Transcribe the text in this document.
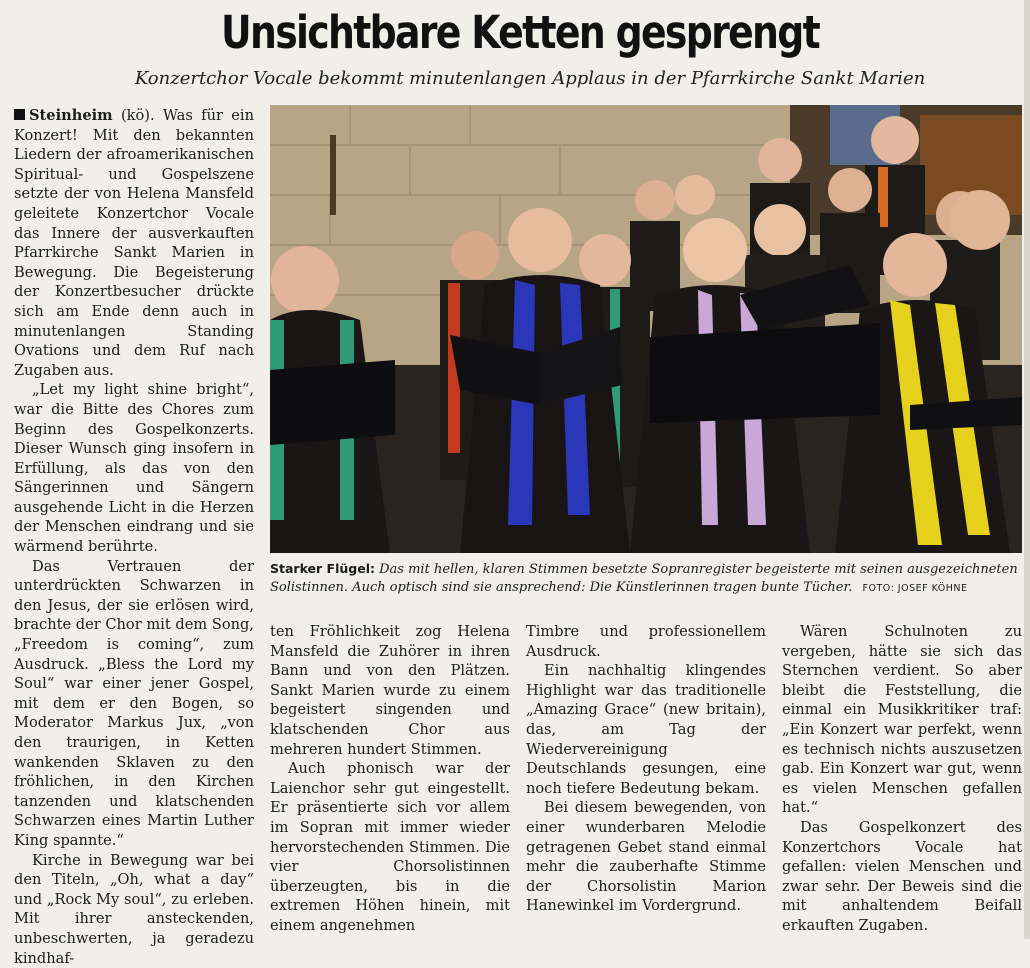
Unsichtbare Ketten gesprengt
Konzertchor Vocale bekommt minutenlangen Applaus in der Pfarrkirche Sankt Marien

Steinheim (kö). Was für ein Konzert! Mit den bekannten Liedern der afroamerikanischen Spiritual- und Gospelszene setzte der von Helena Mansfeld geleitete Konzertchor Vocale das Innere der ausverkauften Pfarrkirche Sankt Marien in Bewegung. Die Begeisterung der Konzertbesucher drückte sich am Ende denn auch in minutenlangen Standing Ovations und dem Ruf nach Zugaben aus.

„Let my light shine bright“, war die Bitte des Chores zum Beginn des Gospelkonzerts. Dieser Wunsch ging insofern in Erfüllung, als das von den Sängerinnen und Sängern ausgehende Licht in die Herzen der Menschen eindrang und sie wärmend berührte.

Das Vertrauen der unterdrückten Schwarzen in den Jesus, der sie erlösen wird, brachte der Chor mit dem Song, „Freedom is coming“, zum Ausdruck. „Bless the Lord my Soul“ war einer jener Gospel, mit dem er den Bogen, so Moderator Markus Jux, „von den traurigen, in Ketten wankenden Sklaven zu den fröhlichen, in den Kirchen tanzenden und klatschenden Schwarzen eines Martin Luther King spannte.“

Kirche in Bewegung war bei den Titeln, „Oh, what a day“ und „Rock My soul“, zu erleben. Mit ihrer ansteckenden, unbeschwerten, ja geradezu kindhaf-

Starker Flügel: Das mit hellen, klaren Stimmen besetzte Sopranregister begeisterte mit seinen ausgezeichneten Solistinnen. Auch optisch sind sie ansprechend: Die Künstlerinnen tragen bunte Tücher. FOTO: JOSEF KÖHNE

ten Fröhlichkeit zog Helena Mansfeld die Zuhörer in ihren Bann und von den Plätzen. Sankt Marien wurde zu einem begeistert singenden und klatschenden Chor aus mehreren hundert Stimmen.

Auch phonisch war der Laienchor sehr gut eingestellt. Er präsentierte sich vor allem im Sopran mit immer wieder hervorstechenden Stimmen. Die vier Chorsolistinnen überzeugten, bis in die extremen Höhen hinein, mit einem angenehmen

Timbre und professionellem Ausdruck.

Ein nachhaltig klingendes Highlight war das traditionelle „Amazing Grace“ (new britain), das, am Tag der Wiedervereinigung Deutschlands gesungen, eine noch tiefere Bedeutung bekam.

Bei diesem bewegenden, von einer wunderbaren Melodie getragenen Gebet stand einmal mehr die zauberhafte Stimme der Chorsolistin Marion Hanewinkel im Vordergrund.

Wären Schulnoten zu vergeben, hätte sie sich das Sternchen verdient. So aber bleibt die Feststellung, die einmal ein Musikkritiker traf: „Ein Konzert war perfekt, wenn es technisch nichts auszusetzen gab. Ein Konzert war gut, wenn es vielen Menschen gefallen hat.“

Das Gospelkonzert des Konzertchors Vocale hat gefallen: vielen Menschen und zwar sehr. Der Beweis sind die mit anhaltendem Beifall erkauften Zugaben.
